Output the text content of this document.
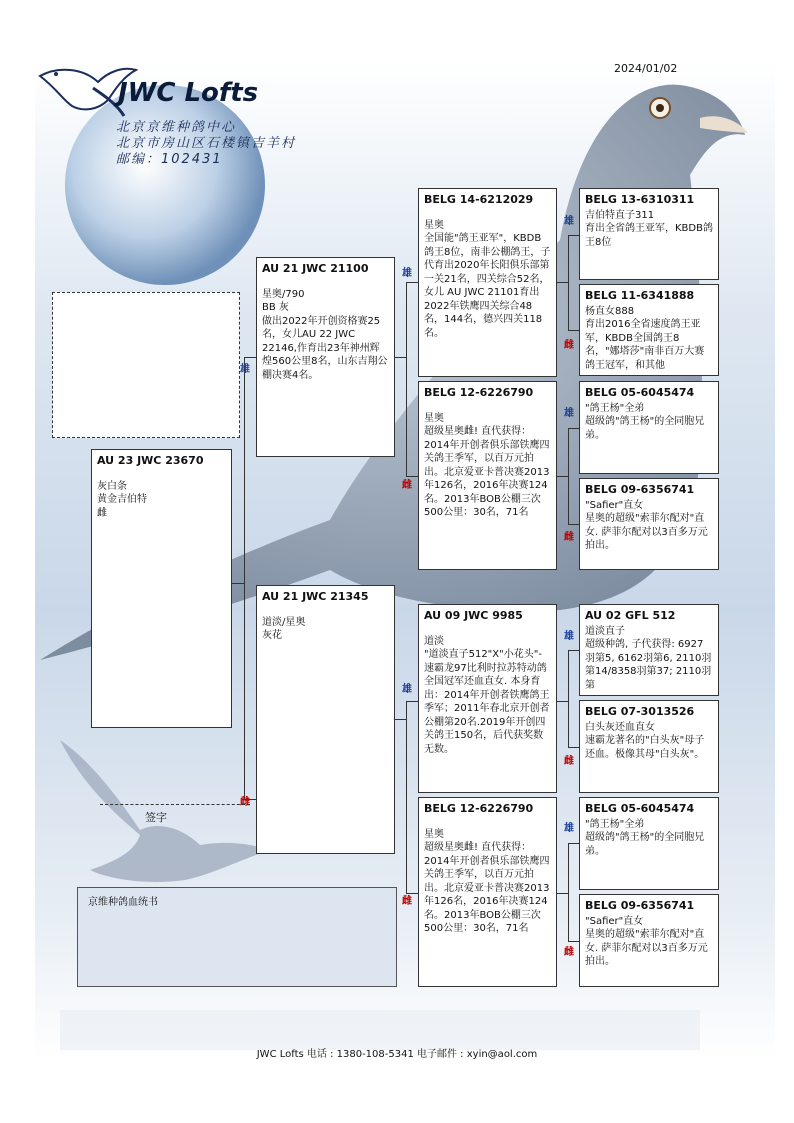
2024/01/02
JWC Lofts
北京京维种鸽中心
北京市房山区石楼镇吉羊村
邮编：102431
雄
雌
雄
雌
雄
雌
雄
雌
雄
雌
雄
雌
雄
雌
AU 23 JWC 23670
灰白条
黄金吉伯特
雌
AU 21 JWC 21100
星奥/790
BB 灰
做出2022年开创资格赛25名，女儿AU 22 JWC 22146,作育出23年神州辉煌560公里8名，山东吉翔公棚决赛4名。
AU 21 JWC 21345
道淡/星奥
灰花
BELG 14-6212029
星奥
全国能"鸽王亚军"，KBDB鸽王8位，南非公棚鸽王，子代育出2020年长阳俱乐部第一关21名，四关综合52名，女儿 AU JWC 21101育出2022年铁鹰四关综合48名，144名，德兴四关118名。
BELG 12-6226790
星奥
超级星奥雌! 直代获得：2014年开创者俱乐部铁鹰四关鸽王季军，以百万元拍出。北京爱亚卡普决赛2013年126名，2016年决赛124名。2013年BOB公棚三次500公里：30名，71名
AU 09 JWC 9985
道淡
"道淡直子512"X"小花头"-速霸龙97比利时拉苏特动鸽全国冠军还血直女. 本身育出：2014年开创者铁鹰鸽王季军；2011年春北京开创者公棚第20名.2019年开创四关鸽王150名，后代获奖数无数。
BELG 12-6226790
星奥
超级星奥雌! 直代获得：2014年开创者俱乐部铁鹰四关鸽王季军，以百万元拍出。北京爱亚卡普决赛2013年126名，2016年决赛124名。2013年BOB公棚三次500公里：30名，71名
BELG 13-6310311
吉伯特直子311
育出全省鸽王亚军，KBDB鸽王8位
BELG 11-6341888
杨直女888
育出2016全省速度鸽王亚军，KBDB全国鸽王8名，"娜塔莎"南非百万大赛鸽王冠军，和其他
BELG 05-6045474
"鸽王杨"全弟
超级鸽"鸽王杨"的全同胞兄弟。
BELG 09-6356741
"Safier"直女
星奥的超级"索菲尔配对"直女. 萨菲尔配对以3百多万元拍出。
AU 02 GFL 512
道淡直子
超级种鸽, 子代获得: 6927羽第5, 6162羽第6, 2110羽第14/8358羽第37; 2110羽第
BELG 07-3013526
白头灰还血直女
速霸龙著名的"白头灰"母子还血。极像其母"白头灰"。
BELG 05-6045474
"鸽王杨"全弟
超级鸽"鸽王杨"的全同胞兄弟。
BELG 09-6356741
"Safier"直女
星奥的超级"索菲尔配对"直女. 萨菲尔配对以3百多万元拍出。
签字
京维种鸽血统书
JWC Lofts 电话 : 1380-108-5341 电子邮件 : xyin@aol.com
